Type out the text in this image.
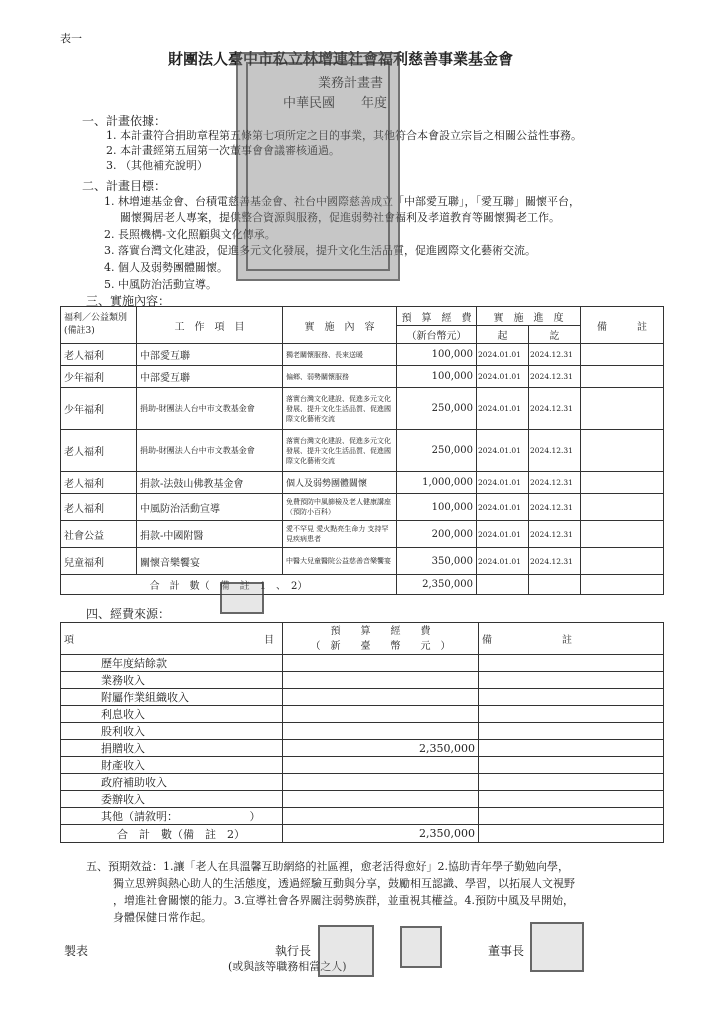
表一
財團法人臺中市私立林增連社會福利慈善事業基金會
業務計畫書
中華民國　　年度
一、計畫依據：
1. 本計畫符合捐助章程第五條第七項所定之目的事業，其他符合本會設立宗旨之相關公益性事務。
2. 本計畫經第五屆第一次董事會會議審核通過。
3. （其他補充說明）
二、計畫目標：
1. 林增連基金會、台積電慈善基金會、社台中國際慈善成立「中部愛互聯」，「愛互聯」關懷平台，
關懷獨居老人專案，提供整合資源與服務，促進弱勢社會福利及孝道教育等關懷獨老工作。
2. 長照機構-文化照顧與文化傳承。
3. 落實台灣文化建設，促進多元文化發展，提升文化生活品質，促進國際文化藝術交流。
4. 個人及弱勢團體關懷。
5. 中風防治活動宣導。
三、實施內容：
福利／公益類別(備註3)	工　作　項　目	實　施　內　容	預　算　經　費	實　施　進　度		備　　　註
			（新台幣元）	起	訖	
老人福利	中部愛互聯	獨老關懷服務、長來送暖	100,000	2024.01.01	2024.12.31	
少年福利	中部愛互聯	偏鄉、弱勢關懷服務	100,000	2024.01.01	2024.12.31	
少年福利	捐助-財團法人台中市文教基金會	落實台灣文化建設、促進多元文化發展、提升文化生活品質、促進國際文化藝術交流	250,000	2024.01.01	2024.12.31	
老人福利	捐助-財團法人台中市文教基金會	落實台灣文化建設、促進多元文化發展、提升文化生活品質、促進國際文化藝術交流	250,000	2024.01.01	2024.12.31	
老人福利	捐款-法鼓山佛教基金會	個人及弱勢團體關懷	1,000,000	2024.01.01	2024.12.31	
老人福利	中風防治活動宣導	免費預防中風篩檢及老人健康講座（預防小百科）	100,000	2024.01.01	2024.12.31	
社會公益	捐款-中國附醫	愛不罕見 愛火點亮生命力 支持罕見疾病患者	200,000	2024.01.01	2024.12.31	
兒童福利	關懷音樂饗宴	中醫大兒童醫院公益慈善音樂饗宴	350,000	2024.01.01	2024.12.31	
合　計　數（　備　註　1　、　2）			2,350,000			
四、經費來源：
項　　　　　　　　　　　　　　　　　　　目	預　　算　　經　　費
（　新　　臺　　幣　　元　）	備　　　　　　　註
歷年度結餘款		
業務收入		
附屬作業組織收入		
利息收入		
股利收入		
捐贈收入	2,350,000	
財產收入		
政府補助收入		
委辦收入		
其他（請敘明：　　　　　　　）		
合　計　數（備　註　2）	2,350,000	
五、預期效益：1.讓「老人在具溫馨互助網絡的社區裡，愈老活得愈好」2.協助青年學子勤勉向學，
獨立思辨與熱心助人的生活態度，透過經驗互動與分享，鼓勵相互認識、學習，以拓展人文視野
，增進社會關懷的能力。3.宣導社會各界關注弱勢族群，並重視其權益。4.預防中風及早開始，
身體保健日常作起。
製表	執行長
(或與該等職務相當之人)
董事長
